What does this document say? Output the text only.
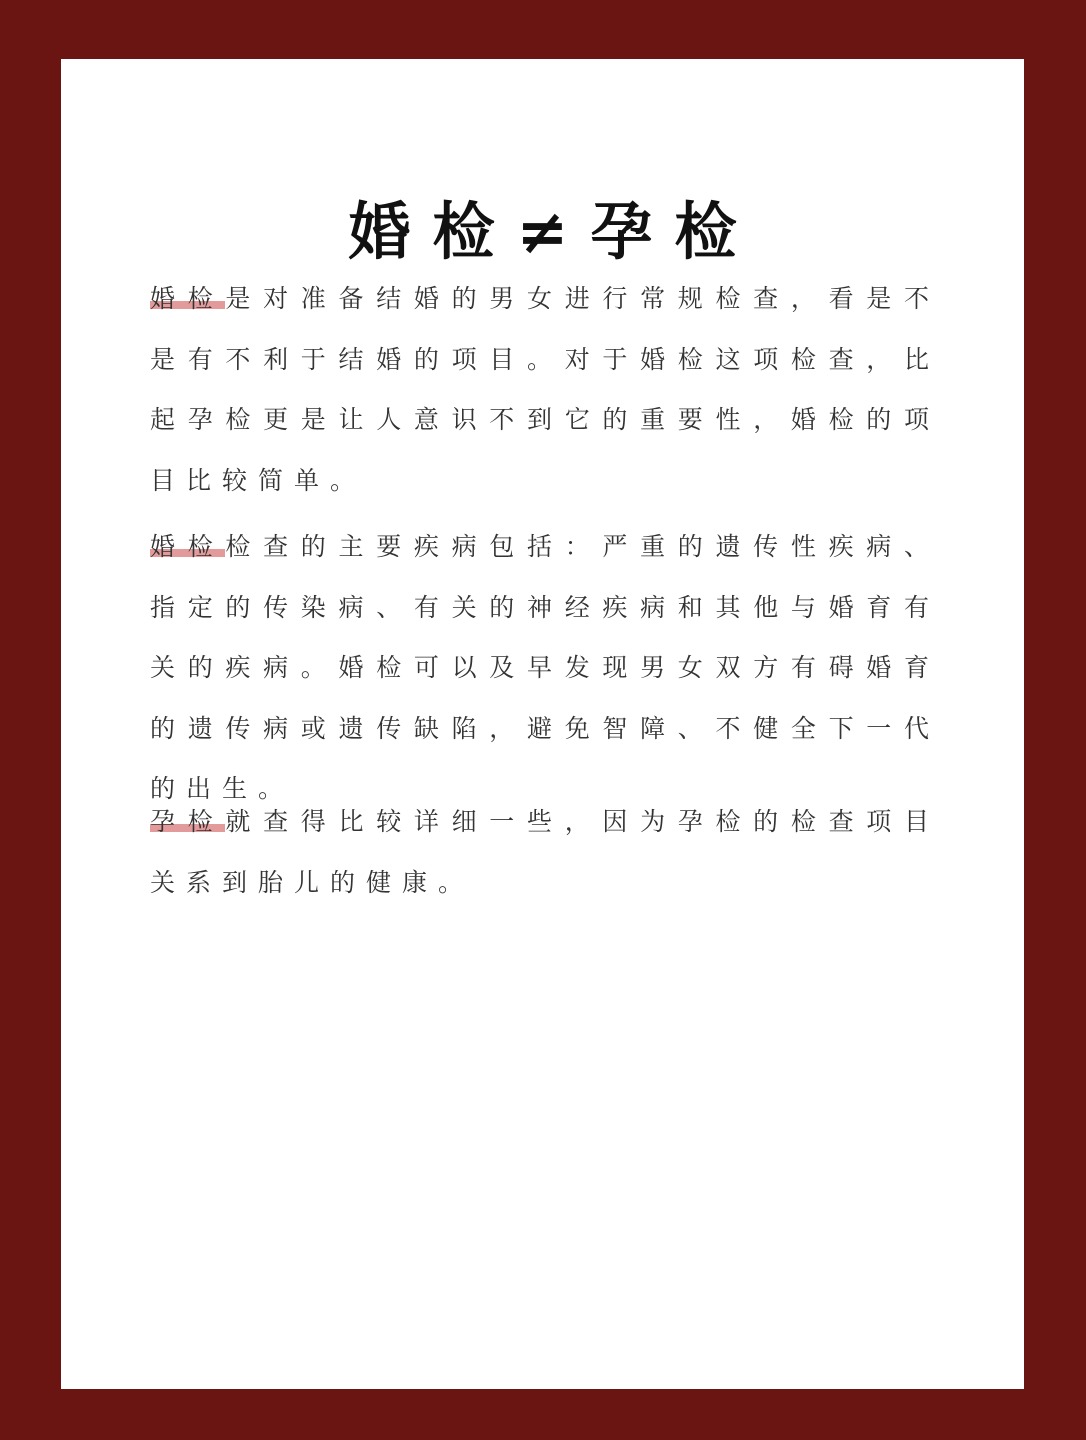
婚检≠孕检
婚检是对准备结婚的男女进行常规检查，看是不是有不利于结婚的项目。对于婚检这项检查，比起孕检更是让人意识不到它的重要性，婚检的项目比较简单。
婚检检查的主要疾病包括：严重的遗传性疾病、指定的传染病、有关的神经疾病和其他与婚育有关的疾病。婚检可以及早发现男女双方有碍婚育的遗传病或遗传缺陷，避免智障、不健全下一代的出生。
孕检就查得比较详细一些，因为孕检的检查项目关系到胎儿的健康。
